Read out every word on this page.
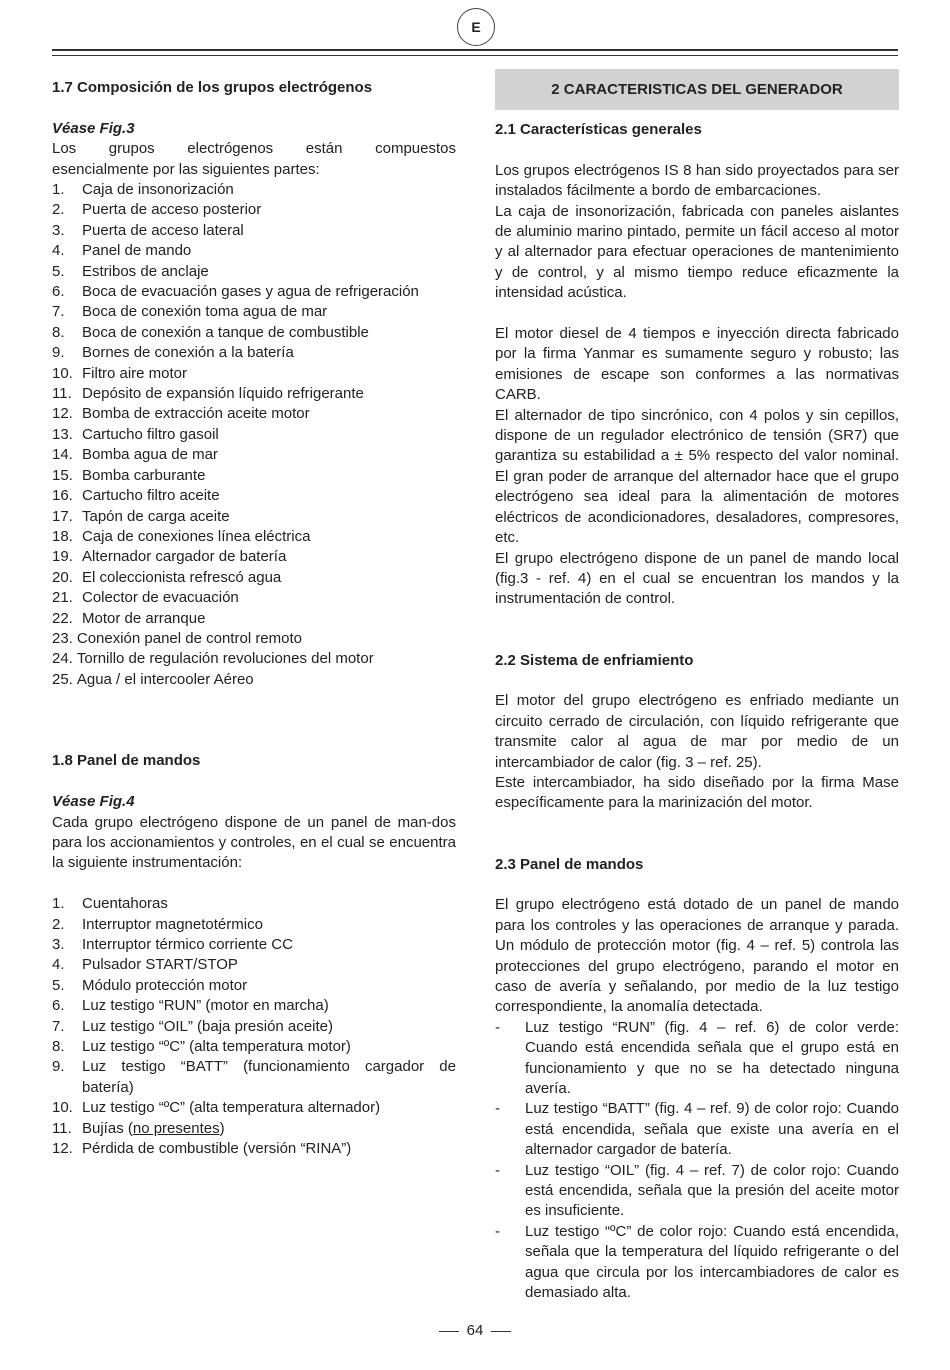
E

1.7 Composición de los grupos electrógenos

Véase Fig.3

Los grupos electrógenos están compuestos

esencialmente por las siguientes partes:

1.	Caja de insonorización
2.	Puerta de acceso posterior
3.	Puerta de acceso lateral
4.	Panel de mando
5.	Estribos de anclaje
6.	Boca de evacuación gases y agua de refrigeración
7.	Boca de conexión toma agua de mar
8.	Boca de conexión a tanque de combustible
9.	Bornes de conexión a la batería
10. Filtro aire motor
11. Depósito de expansión líquido refrigerante
12. Bomba de extracción aceite motor
13. Cartucho filtro gasoil
14. Bomba agua de mar
15. Bomba carburante
16. Cartucho filtro aceite
17. Tapón de carga aceite
18. Caja de conexiones línea eléctrica
19. Alternador cargador de batería
20. El coleccionista refrescó agua
21. Colector de evacuación
22. Motor de arranque
23. Conexión panel de control remoto
24. Tornillo de regulación revoluciones del motor
25. Agua / el intercooler Aéreo

1.8 Panel de mandos

Véase Fig.4

Cada grupo electrógeno dispone de un panel de man-dos para los accionamientos y controles, en el cual se encuentra la siguiente instrumentación:

1.	Cuentahoras
2.	Interruptor magnetotérmico
3.	Interruptor térmico corriente CC
4.	Pulsador START/STOP
5.	Módulo protección motor
6.	Luz testigo “RUN” (motor en marcha)
7.	Luz testigo “OIL” (baja presión aceite)
8.	Luz testigo “ºC” (alta temperatura motor)
9.	Luz testigo “BATT” (funcionamiento cargador de batería)
10. Luz testigo “ºC” (alta temperatura alternador)
11. Bujías (no presentes)
12. Pérdida de combustible (versión “RINA”)
2 CARACTERISTICAS DEL GENERADOR

2.1 Características generales

Los grupos electrógenos IS 8 han sido proyectados para ser instalados fácilmente a bordo de embarcaciones.

La caja de insonorización, fabricada con paneles aislantes de aluminio marino pintado, permite un fácil acceso al motor y al alternador para efectuar operaciones de mantenimiento y de control, y al mismo tiempo reduce eficazmente la intensidad acústica.

El motor diesel de 4 tiempos e inyección directa fabricado por la firma Yanmar es sumamente seguro y robusto; las emisiones de escape son conformes a las normativas CARB.

El alternador de tipo sincrónico, con 4 polos y sin cepillos, dispone de un regulador electrónico de tensión (SR7) que garantiza su estabilidad a ± 5% respecto del valor nominal. El gran poder de arranque del alternador hace que el grupo electrógeno sea ideal para la alimentación de motores eléctricos de acondicionadores, desaladores, compresores, etc.

El grupo electrógeno dispone de un panel de mando local (fig.3 - ref. 4) en el cual se encuentran los mandos y la instrumentación de control.

2.2 Sistema de enfriamiento

El motor del grupo electrógeno es enfriado mediante un circuito cerrado de circulación, con líquido refrigerante que transmite calor al agua de mar por medio de un intercambiador de calor (fig. 3 – ref. 25).

Este intercambiador, ha sido diseñado por la firma Mase específicamente para la marinización del motor.

2.3 Panel de mandos

El grupo electrógeno está dotado de un panel de mando para los controles y las operaciones de arranque y parada. Un módulo de protección motor (fig. 4 – ref. 5) controla las protecciones del grupo electrógeno, parando el motor en caso de avería y señalando, por medio de la luz testigo correspondiente, la anomalía detectada.

-	Luz testigo “RUN” (fig. 4 – ref. 6) de color verde: Cuando está encendida señala que el grupo está en funcionamiento y que no se ha detectado ninguna avería.
-	Luz testigo “BATT” (fig. 4 – ref. 9) de color rojo: Cuando está encendida, señala que existe una avería en el alternador cargador de batería.
-	Luz testigo “OIL” (fig. 4 – ref. 7) de color rojo: Cuando está encendida, señala que la presión del aceite motor es insuficiente.
-	Luz testigo “ºC” de color rojo: Cuando está encendida, señala que la temperatura del líquido refrigerante o del agua que circula por los intercambiadores de calor es demasiado alta.
64
